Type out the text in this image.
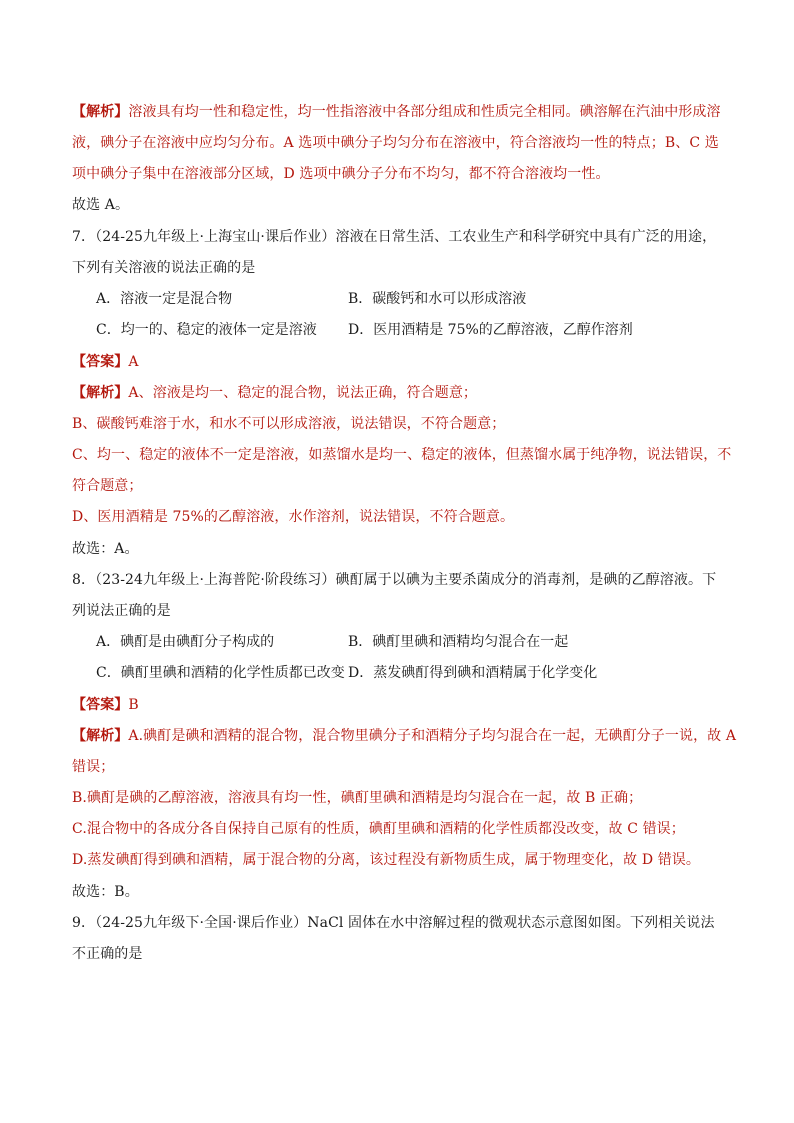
【解析】溶液具有均一性和稳定性，均一性指溶液中各部分组成和性质完全相同。碘溶解在汽油中形成溶
液，碘分子在溶液中应均匀分布。A 选项中碘分子均匀分布在溶液中，符合溶液均一性的特点；B、C 选
项中碘分子集中在溶液部分区域，D 选项中碘分子分布不均匀，都不符合溶液均一性。
故选 A。
7．（24-25九年级上·上海宝山·课后作业）溶液在日常生活、工农业生产和科学研究中具有广泛的用途，
下列有关溶液的说法正确的是
A．溶液一定是混合物	B．碳酸钙和水可以形成溶液
C．均一的、稳定的液体一定是溶液 D．医用酒精是 75%的乙醇溶液，乙醇作溶剂
【答案】A
【解析】A、溶液是均一、稳定的混合物，说法正确，符合题意；
B、碳酸钙难溶于水，和水不可以形成溶液，说法错误，不符合题意；
C、均一、稳定的液体不一定是溶液，如蒸馏水是均一、稳定的液体，但蒸馏水属于纯净物，说法错误，不
符合题意；
D、医用酒精是 75%的乙醇溶液，水作溶剂，说法错误，不符合题意。
故选：A。
8．（23-24九年级上·上海普陀·阶段练习）碘酊属于以碘为主要杀菌成分的消毒剂，是碘的乙醇溶液。下
列说法正确的是
A．碘酊是由碘酊分子构成的	B．碘酊里碘和酒精均匀混合在一起
C．碘酊里碘和酒精的化学性质都已改变 D．蒸发碘酊得到碘和酒精属于化学变化
【答案】B
【解析】A.碘酊是碘和酒精的混合物，混合物里碘分子和酒精分子均匀混合在一起，无碘酊分子一说，故 A
错误；
B.碘酊是碘的乙醇溶液，溶液具有均一性，碘酊里碘和酒精是均匀混合在一起，故 B 正确；
C.混合物中的各成分各自保持自己原有的性质，碘酊里碘和酒精的化学性质都没改变，故 C 错误；
D.蒸发碘酊得到碘和酒精，属于混合物的分离，该过程没有新物质生成，属于物理变化，故 D 错误。
故选：B。
9．（24-25九年级下·全国·课后作业）NaCl 固体在水中溶解过程的微观状态示意图如图。下列相关说法
不正确的是
